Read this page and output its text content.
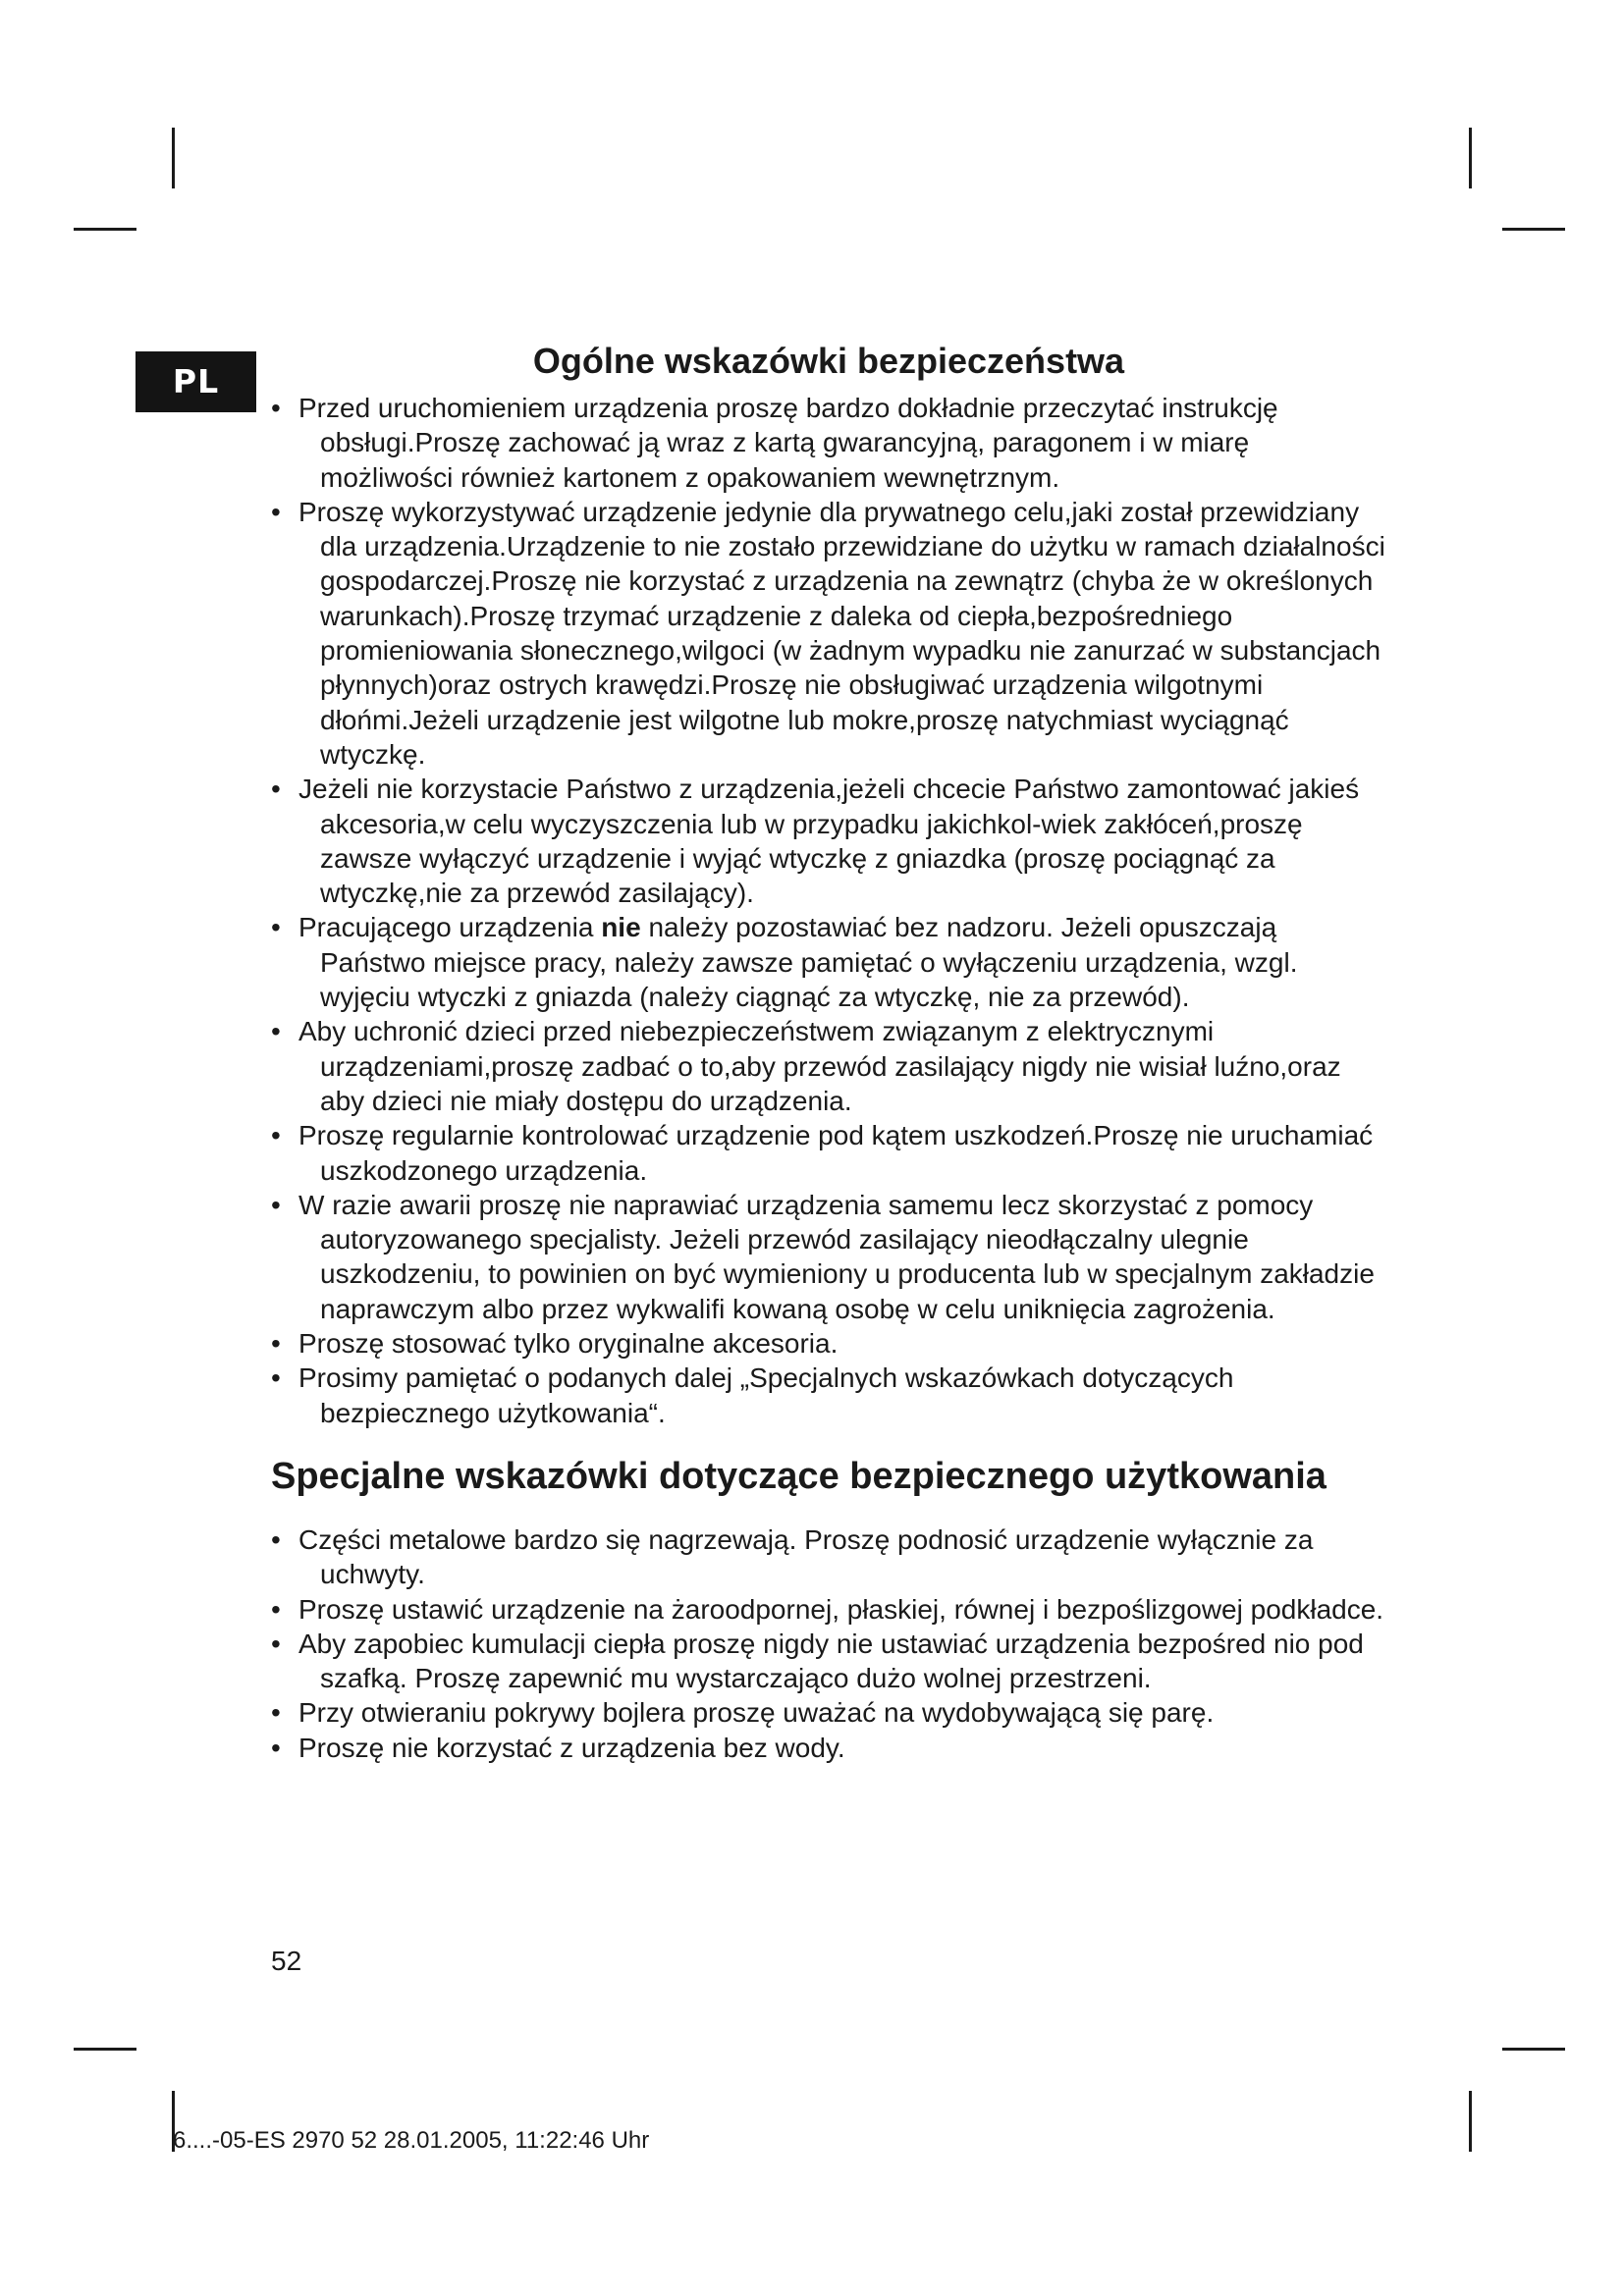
PL
Ogólne wskazówki bezpieczeństwa
• Przed uruchomieniem urządzenia proszę bardzo dokładnie przeczytać instrukcję obsługi.Proszę zachować ją wraz z kartą gwarancyjną, paragonem i w miarę możliwości również kartonem z opakowaniem wewnętrznym.
• Proszę wykorzystywać urządzenie jedynie dla prywatnego celu,jaki został przewidziany dla urządzenia.Urządzenie to nie zostało przewidziane do użytku w ramach działalności gospodarczej.Proszę nie korzystać z urządzenia na zewnątrz (chyba że w określonych warunkach).Proszę trzymać urządzenie z daleka od ciepła,bezpośredniego promieniowania słonecznego,wilgoci (w żadnym wypadku nie zanurzać w substancjach płynnych)oraz ostrych krawędzi.Proszę nie obsługiwać urządzenia wilgotnymi dłońmi.Jeżeli urządzenie jest wilgotne lub mokre,proszę natychmiast wyciągnąć wtyczkę.
• Jeżeli nie korzystacie Państwo z urządzenia,jeżeli chcecie Państwo zamontować jakieś akcesoria,w celu wyczyszczenia lub w przypadku jakichkol-wiek zakłóceń,proszę zawsze wyłączyć urządzenie i wyjąć wtyczkę z gniazdka (proszę pociągnąć za wtyczkę,nie za przewód zasilający).
• Pracującego urządzenia nie należy pozostawiać bez nadzoru. Jeżeli opuszczają Państwo miejsce pracy, należy zawsze pamiętać o wyłączeniu urządzenia, wzgl. wyjęciu wtyczki z gniazda (należy ciągnąć za wtyczkę, nie za przewód).
• Aby uchronić dzieci przed niebezpieczeństwem związanym z elektrycznymi urządzeniami,proszę zadbać o to,aby przewód zasilający nigdy nie wisiał luźno,oraz aby dzieci nie miały dostępu do urządzenia.
• Proszę regularnie kontrolować urządzenie pod kątem uszkodzeń.Proszę nie uruchamiać uszkodzonego urządzenia.
• W razie awarii proszę nie naprawiać urządzenia samemu lecz skorzystać z pomocy autoryzowanego specjalisty. Jeżeli przewód zasilający nieodłączalny ulegnie uszkodzeniu, to powinien on być wymieniony u producenta lub w specjalnym zakładzie naprawczym albo przez wykwalifi kowaną osobę w celu uniknięcia zagrożenia.
• Proszę stosować tylko oryginalne akcesoria.
• Prosimy pamiętać o podanych dalej „Specjalnych wskazówkach dotyczących bezpiecznego użytkowania“.
Specjalne wskazówki dotyczące bezpiecznego użytkowania
• Części metalowe bardzo się nagrzewają. Proszę podnosić urządzenie wyłącznie za uchwyty.
• Proszę ustawić urządzenie na żaroodpornej, płaskiej, równej i bezpoślizgowej podkładce.
• Aby zapobiec kumulacji ciepła proszę nigdy nie ustawiać urządzenia bezpośred nio pod szafką. Proszę zapewnić mu wystarczająco dużo wolnej przestrzeni.
• Przy otwieraniu pokrywy bojlera proszę uważać na wydobywającą się parę.
• Proszę nie korzystać z urządzenia bez wody.
52
6....-05-ES 2970 52 28.01.2005, 11:22:46 Uhr
